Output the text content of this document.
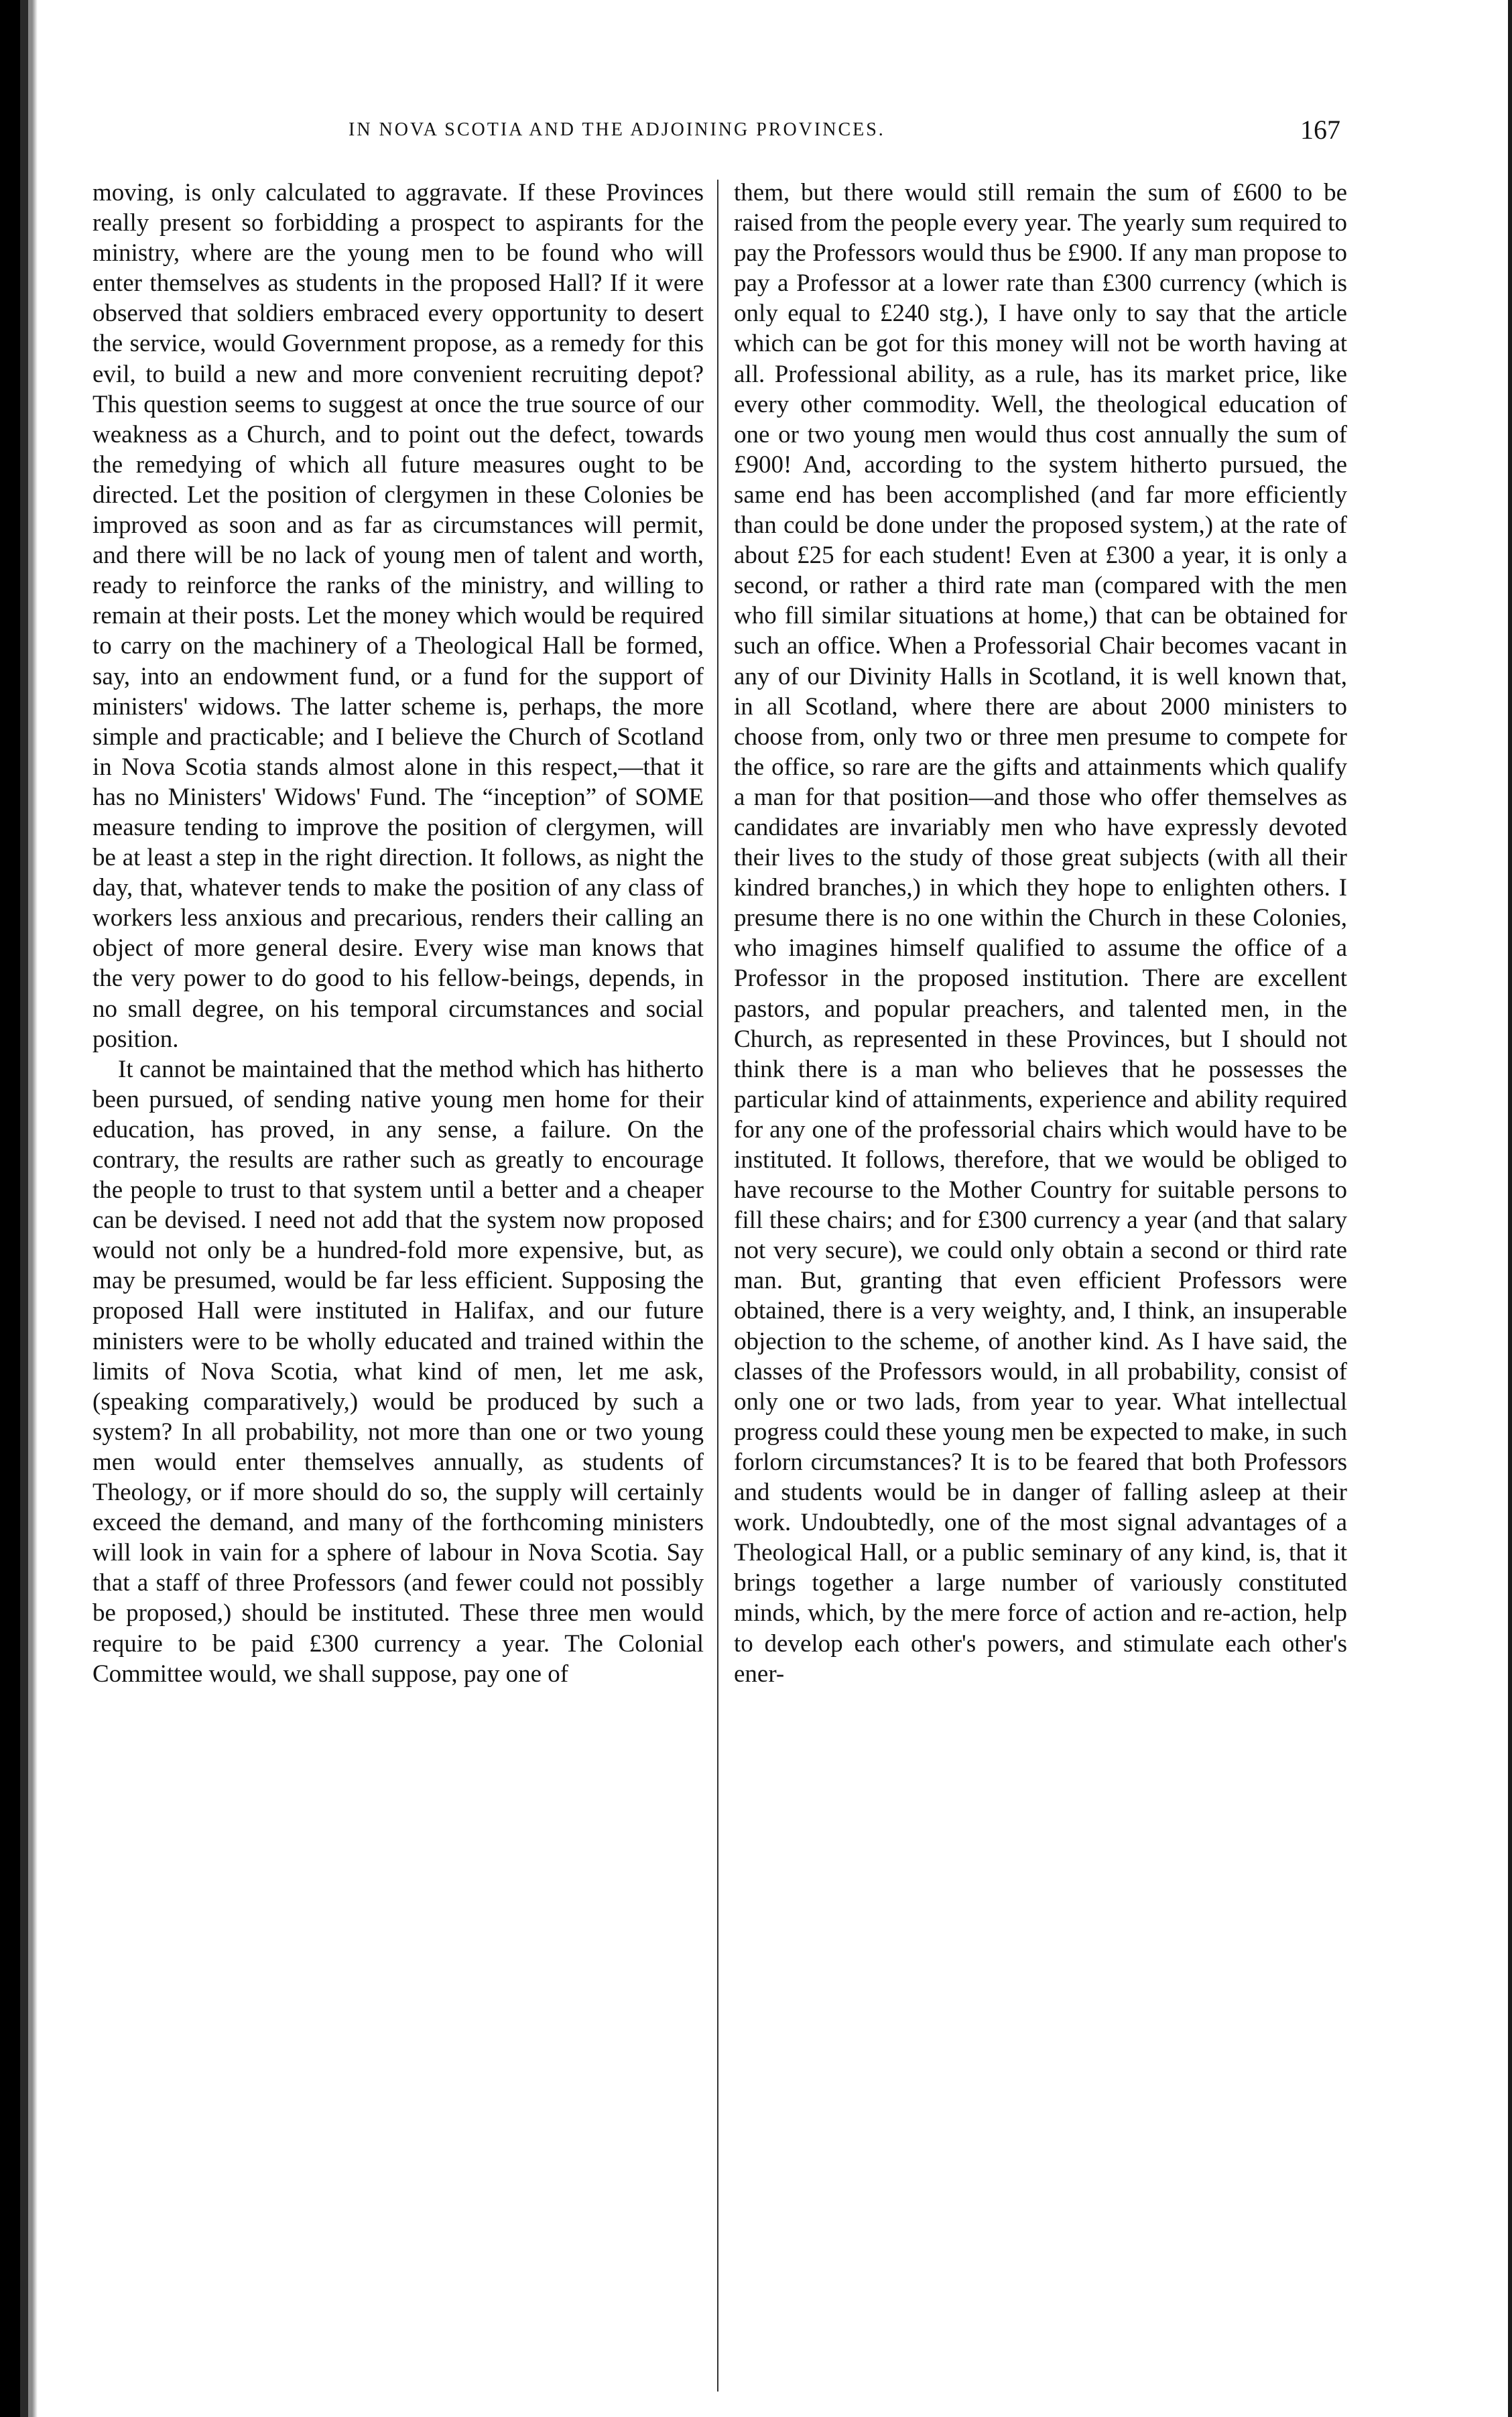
IN NOVA SCOTIA AND THE ADJOINING PROVINCES.	167

moving, is only calculated to aggravate. If these Provinces really present so forbidding a prospect to aspirants for the ministry, where are the young men to be found who will enter themselves as students in the proposed Hall? If it were observed that soldiers embraced every opportunity to desert the service, would Government propose, as a remedy for this evil, to build a new and more convenient recruiting depot? This question seems to suggest at once the true source of our weakness as a Church, and to point out the defect, towards the remedying of which all future measures ought to be directed. Let the position of clergymen in these Colonies be improved as soon and as far as circumstances will permit, and there will be no lack of young men of talent and worth, ready to reinforce the ranks of the ministry, and willing to remain at their posts. Let the money which would be required to carry on the machinery of a Theological Hall be formed, say, into an endowment fund, or a fund for the support of ministers' widows. The latter scheme is, perhaps, the more simple and practicable; and I believe the Church of Scotland in Nova Scotia stands almost alone in this respect,—that it has no Ministers' Widows' Fund. The “inception” of SOME measure tending to improve the position of clergymen, will be at least a step in the right direction. It follows, as night the day, that, whatever tends to make the position of any class of workers less anxious and precarious, renders their calling an object of more general desire. Every wise man knows that the very power to do good to his fellow-beings, depends, in no small degree, on his temporal circumstances and social position.

It cannot be maintained that the method which has hitherto been pursued, of sending native young men home for their education, has proved, in any sense, a failure. On the contrary, the results are rather such as greatly to encourage the people to trust to that system until a better and a cheaper can be devised. I need not add that the system now proposed would not only be a hundred-fold more expensive, but, as may be presumed, would be far less efficient. Supposing the proposed Hall were instituted in Halifax, and our future ministers were to be wholly educated and trained within the limits of Nova Scotia, what kind of men, let me ask, (speaking comparatively,) would be produced by such a system? In all probability, not more than one or two young men would enter themselves annually, as students of Theology, or if more should do so, the supply will certainly exceed the demand, and many of the forthcoming ministers will look in vain for a sphere of labour in Nova Scotia. Say that a staff of three Professors (and fewer could not possibly be proposed,) should be instituted. These three men would require to be paid £300 currency a year. The Colonial Committee would, we shall suppose, pay one of

them, but there would still remain the sum of £600 to be raised from the people every year. The yearly sum required to pay the Professors would thus be £900. If any man propose to pay a Professor at a lower rate than £300 currency (which is only equal to £240 stg.), I have only to say that the article which can be got for this money will not be worth having at all. Professional ability, as a rule, has its market price, like every other commodity. Well, the theological education of one or two young men would thus cost annually the sum of £900! And, according to the system hitherto pursued, the same end has been accomplished (and far more efficiently than could be done under the proposed system,) at the rate of about £25 for each student! Even at £300 a year, it is only a second, or rather a third rate man (compared with the men who fill similar situations at home,) that can be obtained for such an office. When a Professorial Chair becomes vacant in any of our Divinity Halls in Scotland, it is well known that, in all Scotland, where there are about 2000 ministers to choose from, only two or three men presume to compete for the office, so rare are the gifts and attainments which qualify a man for that position—and those who offer themselves as candidates are invariably men who have expressly devoted their lives to the study of those great subjects (with all their kindred branches,) in which they hope to enlighten others. I presume there is no one within the Church in these Colonies, who imagines himself qualified to assume the office of a Professor in the proposed institution. There are excellent pastors, and popular preachers, and talented men, in the Church, as represented in these Provinces, but I should not think there is a man who believes that he possesses the particular kind of attainments, experience and ability required for any one of the professorial chairs which would have to be instituted. It follows, therefore, that we would be obliged to have recourse to the Mother Country for suitable persons to fill these chairs; and for £300 currency a year (and that salary not very secure), we could only obtain a second or third rate man. But, granting that even efficient Professors were obtained, there is a very weighty, and, I think, an insuperable objection to the scheme, of another kind. As I have said, the classes of the Professors would, in all probability, consist of only one or two lads, from year to year. What intellectual progress could these young men be expected to make, in such forlorn circumstances? It is to be feared that both Professors and students would be in danger of falling asleep at their work. Undoubtedly, one of the most signal advantages of a Theological Hall, or a public seminary of any kind, is, that it brings together a large number of variously constituted minds, which, by the mere force of action and re-action, help to develop each other's powers, and stimulate each other's ener-
